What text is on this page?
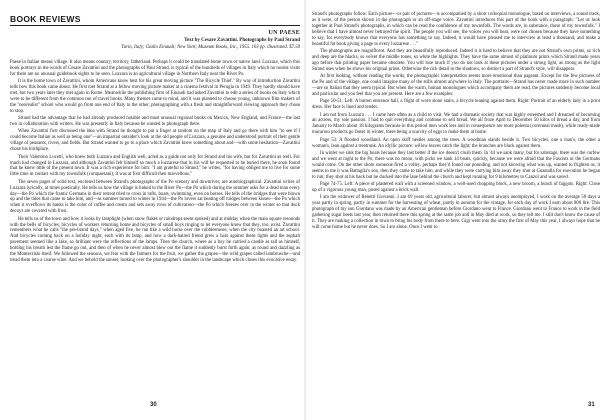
BOOK REVIEWS
UN PAESE
Text by Cesare Zavattini. Photographs by Paul Strand
Turin, Italy; Giulio Einaudi; New York; Museum Books, Inc., 1955. 103 pp. illustrated. $7.50

Paese in Italian means village. It also means country, territory, fatherland. Perhaps it could be translated home town or native land. Luzzara, which this book portrays in the words of Cesare Zavattini and the photographs of Paul Strand, is typical of the hundreds of villages in Italy which no tourist visits for there are no unusual guidebook sights to be seen. Luzzara is an agricultural village in Northern Italy near the River Po.

It is the home town of Zavattini, whom Americans know best for his great moving picture "The Bicycle Thief." By way of introduction Zavattini tells how this book came about. He first met Strand at a fellow moving picture maker at a cinema festival in Perugia in 1949. They hardly should have met, but two years later they met again in Rome. Meanwhile the publishing firm of Einaudi had asked Zavattini to edit a series of books on Italy which were to be different from the common run of travel books. Many themes came to mind, and it was planned to choose young, unknown film makers of the "neorealist" school who would go from one end of Italy to the other, photographing with a fresh and straightforward viewing approach they chose to stop.

Strand had the advantage that he had already produced notable and most unusual regional books on Mexico, New England, and France—the last two in collaboration with writers. He was presently in Italy because he wanted to photograph there.

When Zavattini first discussed the idea with Strand he thought to put a finger at random on the map of Italy and go there with him "to see if I could become Italian as well as being one"—an impartial outsider's look at the old people of Luzzara, a genuine and understood portrait of their gentle village of peasants, rivers, and fields. But Strand wanted to go to a place which Zavattini knew something about and—with some hesitation—Zavattini chose his birthplace.

Their Valentino Lucetti, who knew both Luzzara and English well, acted as a guide not only for Strand and his wife, but for Zavattini as well. For much had changed in Luzzara, and although Zavattini felt himself so much a luzzarese that in his will he requested to be buried there, he soon found that he knew little of the present town. It was a rich experience for him: "I am grateful to Strand," he writes, "for having obliged me to live for some little time in contact with my townsfolk (compaesani); it was at first difficult then marvellous."

The seven pages of solid text, enclosed between Strand's photographs of the Po scenery and downriver, are autobiographical. Zavattini writes of Luzzara lyrically, at times poetically. He tells us how the village is linked to the River Po—the Po which during the summer asks for a dead man every day—the Po which the frantic Germans in their retreat tried to cross in rafts, boats, swimming, even on horses. He tells of the bridges that were blown up and the tides that came to take him, and—as summer turned to winter in 1944—the Po lovers sat beating off midges between kisses—the Po which when it overflows its banks is the color of coffee and cream and sets away rows of cultivation—the Po which freezes over in the winter so that duck decoys are covered with frost.

He tells us of the town and how it looks by lamplight (when snow flakes or raindrops seem spoked) and at midday when the main square resounds with the bells of bicycles, bicycles of workers returning home and bicycles of small boys ringing to let everyone know that they, too, exist. Zavattini remembers what he calls "the pre-brand days," when aged five, he ran like a wild horse over the cobblestones, when the city boasted an art school. And bicycles coming back on a holiday night, each with its lamp, and how a dark-haired friend grew a halo against these lights and the asphalt pavement seemed like a lake, so brilliant were the reflections of the lamps. Then the church, where as a boy he carried a candle as tall as himself, holding his breath lest the flame go out, and then of when he never almost blew out the flame it suddenly burst forth again, as round and dazzling as the Montecristo itself. We followed the seasons, we fear with the farmers for the fruit, we gather the grapes—the wild grapes called lambrusche—and tread them into a coarse wine. And we behold the sunset, looking over the photographer's shoulder in the landscape which closes this evocative essay.

30

Strand's photographs follow. Each picture—or pair of pictures—is accompanied by a short colloquial monologue, based on interviews, a sound track, as it were, of the person shown in the photograph or an off-stage voice. Zavattini introduces this part of the book with a paragraph: "Let us look together at Paul Strand's photographs, in which can be read the confidence of my townsfolk. The words are, in substance, those of my townsfolk." I believe that I have almost never betrayed the spirit. The people you will see, the voices you will hear, were not chosen because they have something to say, for everybody knows that everyone has something to say. Indeed, it would have pleased me to interview at least a thousand, and make a beautiful fat book giving a page to every luzzarese . . ."

The photographs are magnificent. And they are beautifully reproduced. Indeed it is hard to believe that they are not Strand's own prints, so rich and deep are the blacks, so velvet the middle tones, so white the highlights. They have the same almost of platinum prints which Strand made years ago before that printing paper became obsolete. You will lose much if you do not look at these pictures under a strong light, as strong as the light Strand uses when he shows his original prints. Otherwise the rich detail in the shadows, so distinct a part of Strand's style, will disappear.

At first looking, without reading the words, the photographic interpretation seems more emotional than pageant. Except for the few pictures of the Po and of the village, one could imagine many of the stills almost anywhere in Italy. The portraits—Strand has never made more in such number—are so Italian that they seem typical. But when the warm, human monologues which accompany them are read, the pictures suddenly become local and particular and you feel that you are present. Here are a few examples:

Page 50-51. Left: A barren entrance hall, a flight of worn stone stairs, a bicycle leaning against them. Right: Portrait of an elderly lady in a print dress. Her face is lined and tender.

I am not from Luzzara . . . I came here often as a child to visit. We had a dramatic society that was highly esteemed and I dreamed of becoming an actress, my sole passion. I had to quit everything and continue to sell bread. We all froze April to December 50 kilos of bread a day, and from January to March about 18 kilograms because in this period men work less and in consequence are more polenta (cornmeal mush), while ready-made macaroni products go faster in winter, there being a scarcity of eggs to make them at home.

Page 53: A flooded woodland. An open skiff nestles among the trees. A woodman stands beside it. Two bicycles, one a man's, the other a woman's, lean against a treetrunk. An idyllic picture: willow leaves catch the light; the branches are black against them.

In winter we sink the big boats because they last better if the ice doesn't crush them. In '44 we sank many, but for sabotage, there was the curfew and we went at night to the Po; there was no moon, with picks we sank 14 boats, quickly, because we were afraid that the Fascists or the Germans would come. On the other shore someone fired a volley, perhaps they'd found our pounding, and not knowing what was up, wanted to frighten us, it seems to me it was Battaglia's son, then they came to take him, and while they were carrying him away they shot at Guastalla for execution he began to run; they shot at his back but he ducked into the lane behind the church and kept running for 9 kilometres to Canzol and was saved.

Page 74-75. Left: A piece of plastered wall with a screened window, a well-used chopping block, a new broom, a bunch of faggots. Right: Close up of a vigorous young man, posed against a brick wall.

I am the widower of Benetti Giovanni. I am 69 years old, agricultural laborer, but almost always unemployed, I work on the average 50 days a year partly in spring, partly in summer for the harvesting of wheat, partly in autumn for the vintage, for each day of work I earn about 800 lire. This photograph of my son Giordano was made by an American gentleman before Giordano went to France. Giordano went to France to work in the field gathering sugar beets last year, then returned there this spring at the same job and in May died at work, so they tell me. I still don't know the cause of it. They are making a collection in town to bring his body from there to here. Gigi went into the army the first of May this year, I always hope that he will come home but he never does. So I am alone. Once I went to

31
